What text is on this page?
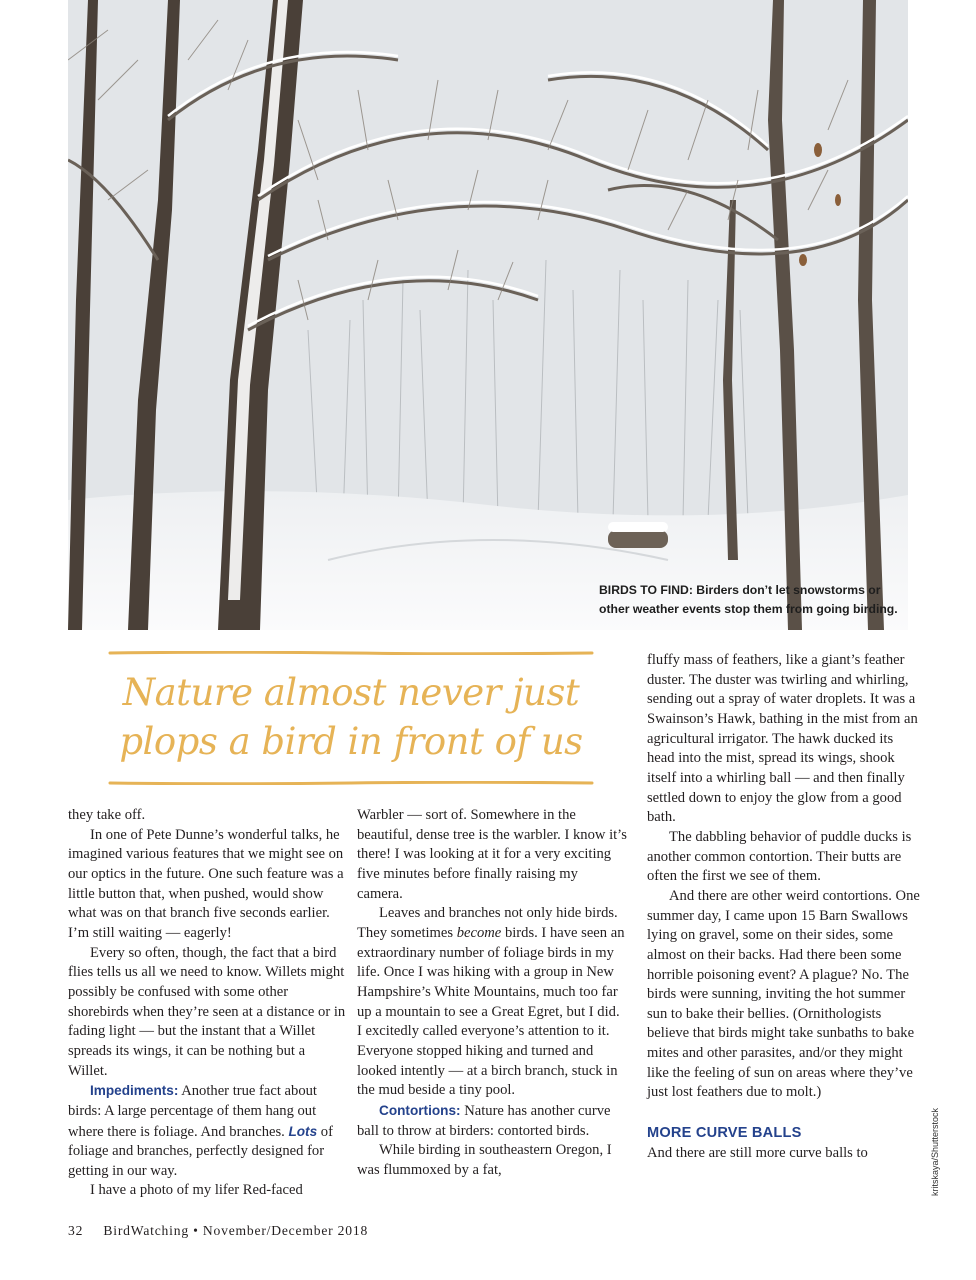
BIRDS TO FIND: Birders don’t let snowstorms or other weather events stop them from going birding.
Nature almost never just
plops a bird in front of us

they take off.

In one of Pete Dunne’s wonderful talks, he imagined various features that we might see on our optics in the future. One such feature was a little button that, when pushed, would show what was on that branch five seconds earlier. I’m still waiting — eagerly!

Every so often, though, the fact that a bird flies tells us all we need to know. Willets might possibly be confused with some other shorebirds when they’re seen at a distance or in fading light — but the instant that a Willet spreads its wings, it can be nothing but a Willet.

Impediments: Another true fact about birds: A large percentage of them hang out where there is foliage. And branches. Lots of foliage and branches, perfectly designed for getting in our way.

I have a photo of my lifer Red-faced

Warbler — sort of. Somewhere in the beautiful, dense tree is the warbler. I know it’s there! I was looking at it for a very exciting five minutes before finally raising my camera.

Leaves and branches not only hide birds. They sometimes become birds. I have seen an extraordinary number of foliage birds in my life. Once I was hiking with a group in New Hampshire’s White Mountains, much too far up a mountain to see a Great Egret, but I did. I excitedly called everyone’s attention to it. Everyone stopped hiking and turned and looked intently — at a birch branch, stuck in the mud beside a tiny pool.

Contortions: Nature has another curve ball to throw at birders: contorted birds.

While birding in southeastern Oregon, I was flummoxed by a fat,

fluffy mass of feathers, like a giant’s feather duster. The duster was twirling and whirling, sending out a spray of water droplets. It was a Swainson’s Hawk, bathing in the mist from an agricultural irrigator. The hawk ducked its head into the mist, spread its wings, shook itself into a whirling ball — and then finally settled down to enjoy the glow from a good bath.

The dabbling behavior of puddle ducks is another common contortion. Their butts are often the first we see of them.

And there are other weird contortions. One summer day, I came upon 15 Barn Swallows lying on gravel, some on their sides, some almost on their backs. Had there been some horrible poisoning event? A plague? No. The birds were sunning, inviting the hot summer sun to bake their bellies. (Ornithologists believe that birds might take sunbaths to bake mites and other parasites, and/or they might like the feeling of sun on areas where they’ve just lost feathers due to molt.)

MORE CURVE BALLS

And there are still more curve balls to

32 BirdWatching • November/December 2018
kritskaya/Shutterstock
